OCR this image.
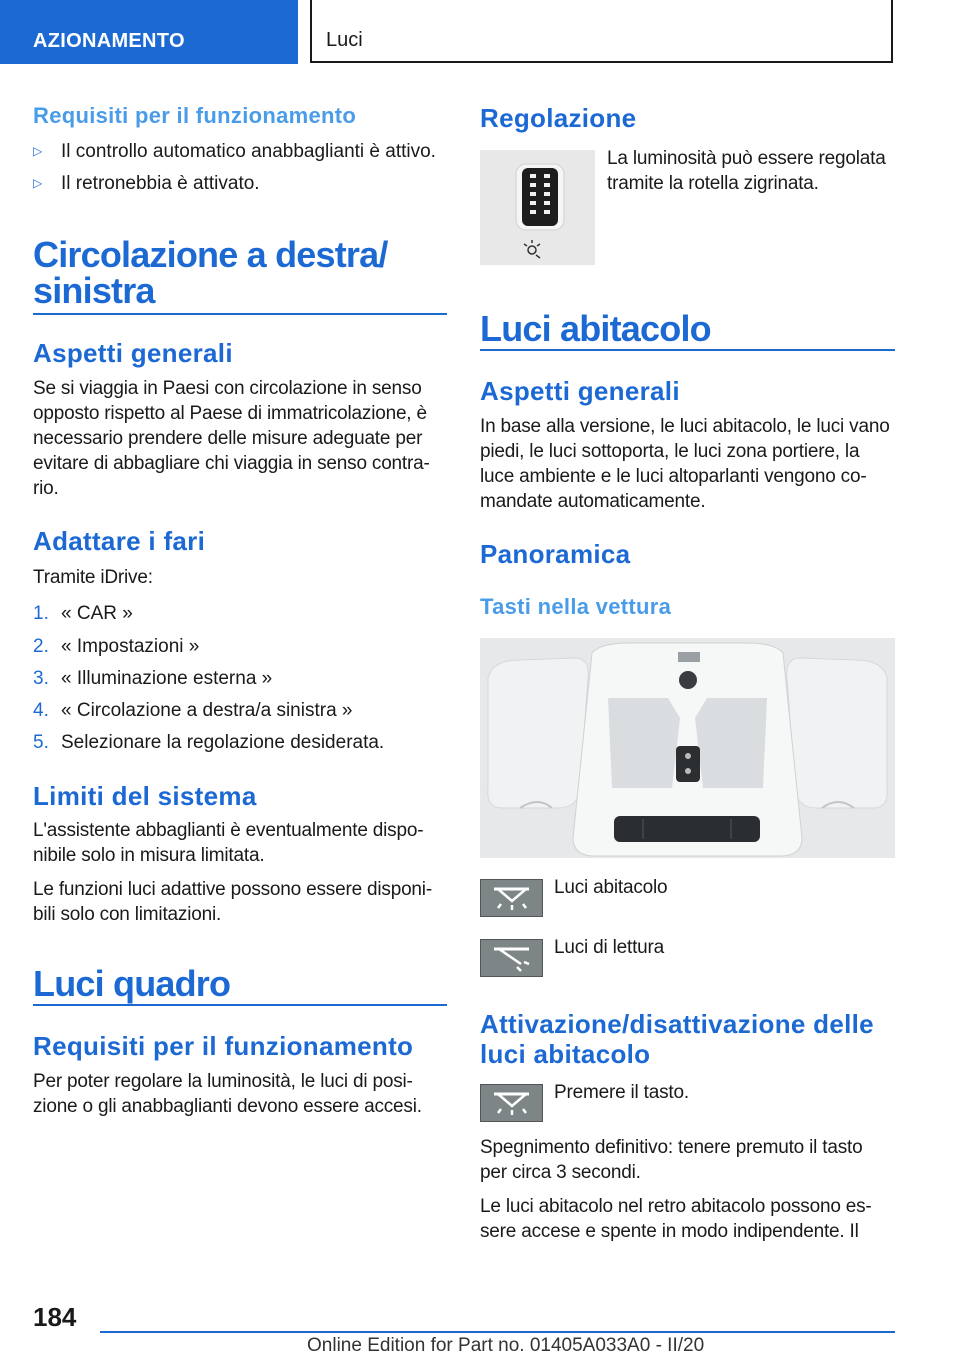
AZIONAMENTO	Luci
Requisiti per il funzionamento
▷ Il controllo automatico anabbaglianti è attivo.
▷ Il retronebbia è attivato.
Circolazione a destra/
sinistra
Aspetti generali
Se si viaggia in Paesi con circolazione in senso
opposto rispetto al Paese di immatricolazione, è
necessario prendere delle misure adeguate per
evitare di abbagliare chi viaggia in senso contra-
rio.
Adattare i fari
Tramite iDrive:
1. « CAR »
2. « Impostazioni »
3. « Illuminazione esterna »
4. « Circolazione a destra/a sinistra »
5. Selezionare la regolazione desiderata.
Limiti del sistema
L'assistente abbaglianti è eventualmente dispo-
nibile solo in misura limitata.
Le funzioni luci adattive possono essere disponi-
bili solo con limitazioni.
Luci quadro
Requisiti per il funzionamento
Per poter regolare la luminosità, le luci di posi-
zione o gli anabbaglianti devono essere accesi.
Regolazione
La luminosità può essere regolata
tramite la rotella zigrinata.
Luci abitacolo
Aspetti generali
In base alla versione, le luci abitacolo, le luci vano
piedi, le luci sottoporta, le luci zona portiere, la
luce ambiente e le luci altoparlanti vengono co-
mandate automaticamente.
Panoramica
Tasti nella vettura
Luci abitacolo
Luci di lettura
Attivazione/disattivazione delle
luci abitacolo
Premere il tasto.
Spegnimento definitivo: tenere premuto il tasto
per circa 3 secondi.
Le luci abitacolo nel retro abitacolo possono es-
sere accese e spente in modo indipendente. Il
184
Online Edition for Part no. 01405A033A0 - II/20
